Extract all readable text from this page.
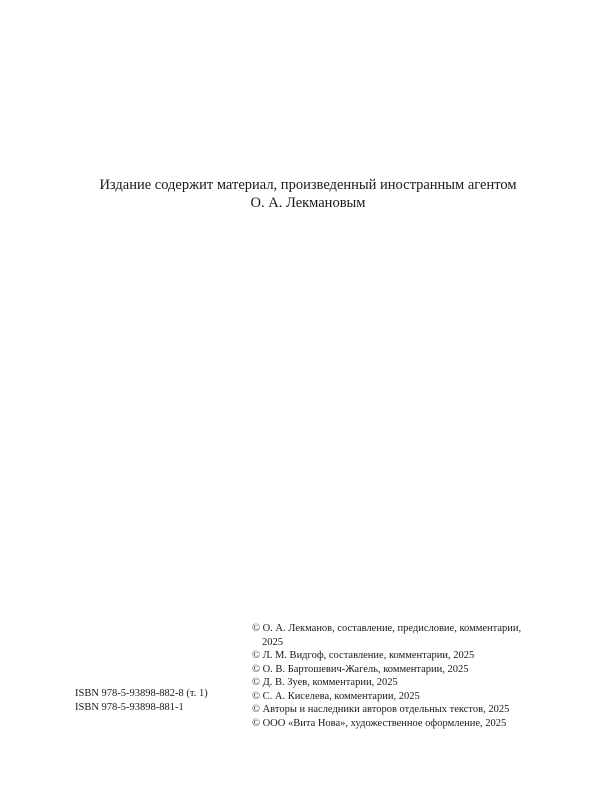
Издание содержит материал, произведенный иностранным агентом
О. А. Лекмановым
ISBN 978-5-93898-882-8 (т. 1)
ISBN 978-5-93898-881-1
© О. А. Лекманов, составление, предисловие, комментарии,
2025
© Л. М. Видгоф, составление, комментарии, 2025
© О. В. Бартошевич-Жагель, комментарии, 2025
© Д. В. Зуев, комментарии, 2025
© С. А. Киселева, комментарии, 2025
© Авторы и наследники авторов отдельных текстов, 2025
© ООО «Вита Нова», художественное оформление, 2025
